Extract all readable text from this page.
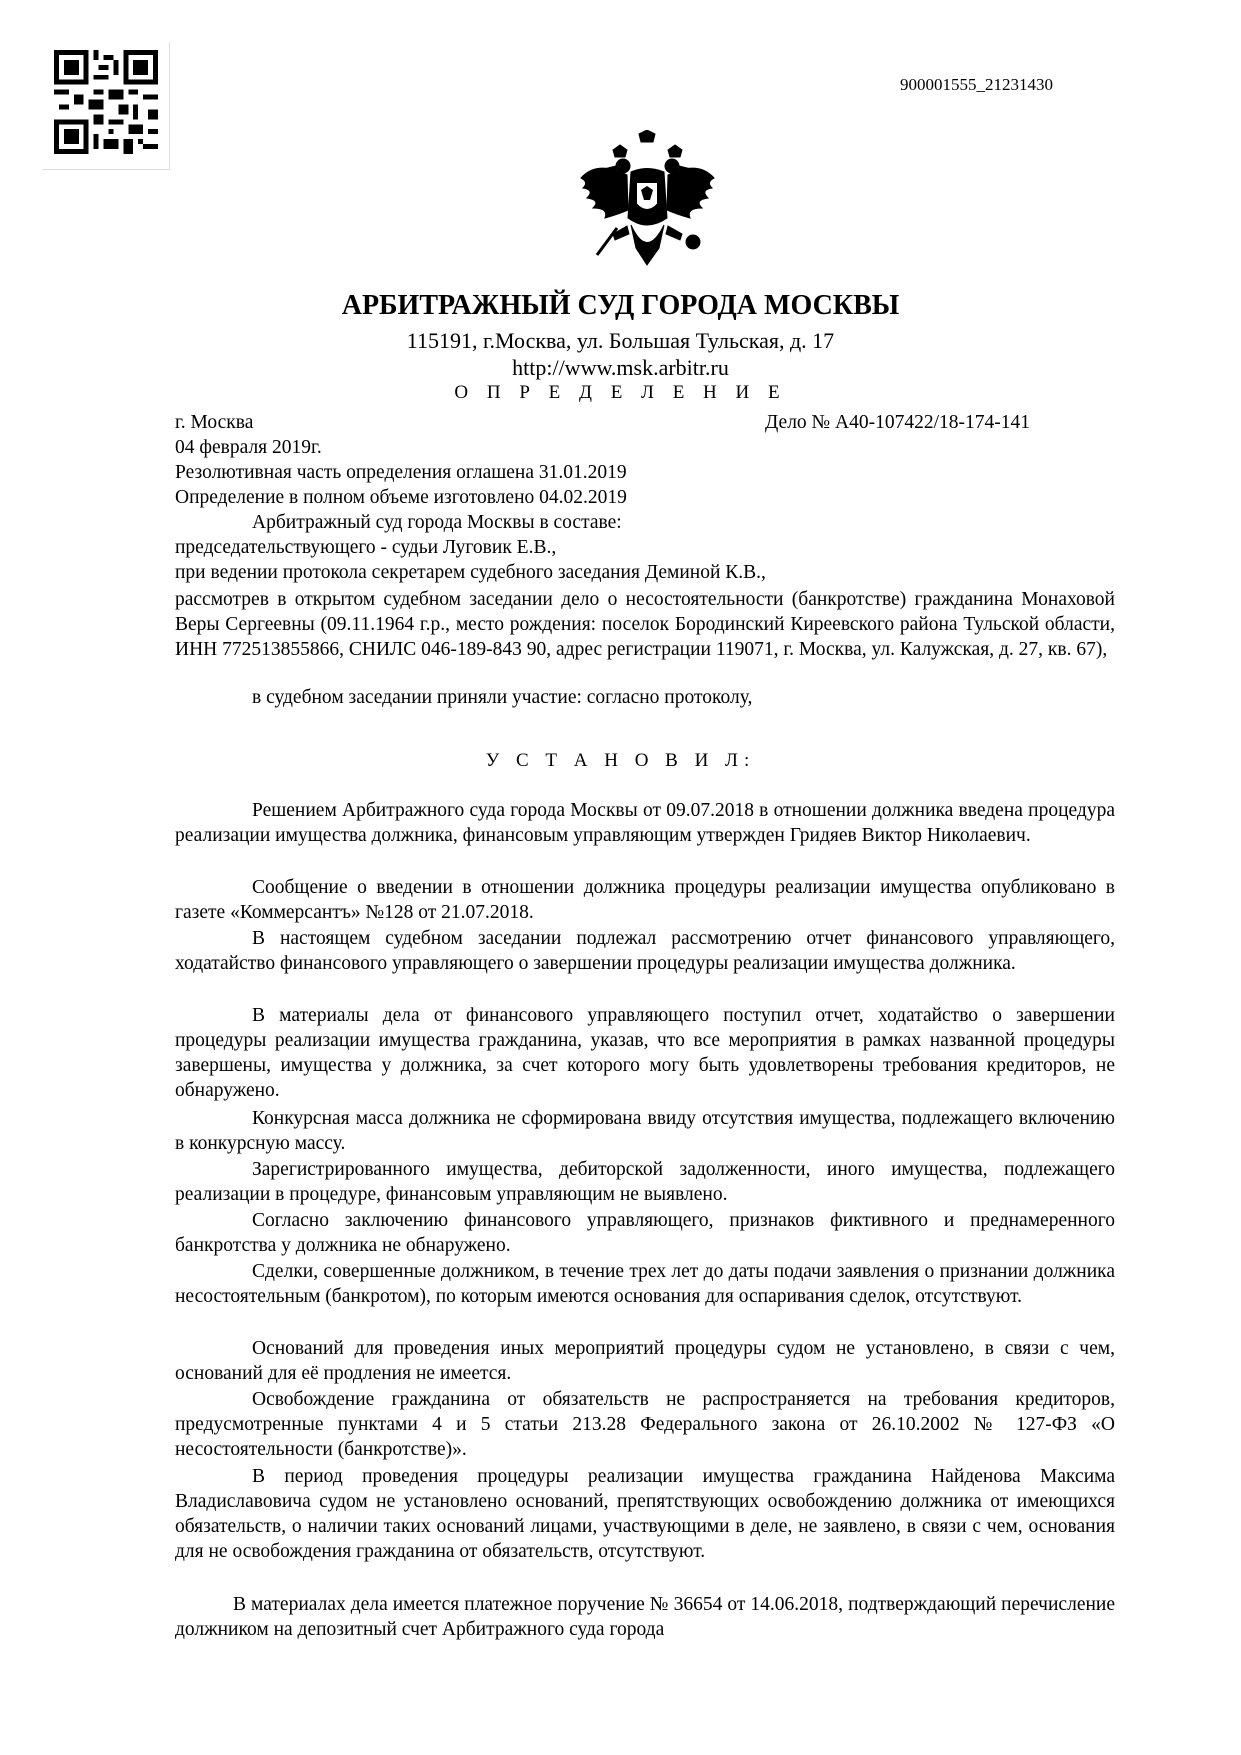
900001555_21231430
АРБИТРАЖНЫЙ СУД ГОРОДА МОСКВЫ
115191, г.Москва, ул. Большая Тульская, д. 17
http://www.msk.arbitr.ru
О П Р Е Д Е Л Е Н И Е
г. Москва	Дело № А40-107422/18-174-141
04 февраля 2019г.
Резолютивная часть определения оглашена 31.01.2019
Определение в полном объеме изготовлено 04.02.2019
Арбитражный суд города Москвы в составе:
председательствующего - судьи Луговик Е.В.,
при ведении протокола секретарем судебного заседания Деминой К.В.,
рассмотрев в открытом судебном заседании дело о несостоятельности (банкротстве) гражданина Монаховой Веры Сергеевны (09.11.1964 г.р., место рождения: поселок Бородинский Киреевского района Тульской области, ИНН 772513855866, СНИЛС 046-189-843 90, адрес регистрации 119071, г. Москва, ул. Калужская, д. 27, кв. 67),
в судебном заседании приняли участие: согласно протоколу,
У С Т А Н О В И Л:
Решением Арбитражного суда города Москвы от 09.07.2018 в отношении должника введена процедура реализации имущества должника, финансовым управляющим утвержден Гридяев Виктор Николаевич.
Сообщение о введении в отношении должника процедуры реализации имущества опубликовано в газете «Коммерсантъ» №128 от 21.07.2018.
В настоящем судебном заседании подлежал рассмотрению отчет финансового управляющего, ходатайство финансового управляющего о завершении процедуры реализации имущества должника.
В материалы дела от финансового управляющего поступил отчет, ходатайство о завершении процедуры реализации имущества гражданина, указав, что все мероприятия в рамках названной процедуры завершены, имущества у должника, за счет которого могу быть удовлетворены требования кредиторов, не обнаружено.
Конкурсная масса должника не сформирована ввиду отсутствия имущества, подлежащего включению в конкурсную массу.
Зарегистрированного имущества, дебиторской задолженности, иного имущества, подлежащего реализации в процедуре, финансовым управляющим не выявлено.
Согласно заключению финансового управляющего, признаков фиктивного и преднамеренного банкротства у должника не обнаружено.
Сделки, совершенные должником, в течение трех лет до даты подачи заявления о признании должника несостоятельным (банкротом), по которым имеются основания для оспаривания сделок, отсутствуют.
Оснований для проведения иных мероприятий процедуры судом не установлено, в связи с чем, оснований для её продления не имеется.
Освобождение гражданина от обязательств не распространяется на требования кредиторов, предусмотренные пунктами 4 и 5 статьи 213.28 Федерального закона от 26.10.2002 № 127-ФЗ «О несостоятельности (банкротстве)».
В период проведения процедуры реализации имущества гражданина Найденова Максима Владиславовича судом не установлено оснований, препятствующих освобождению должника от имеющихся обязательств, о наличии таких оснований лицами, участвующими в деле, не заявлено, в связи с чем, основания для не освобождения гражданина от обязательств, отсутствуют.
В материалах дела имеется платежное поручение № 36654 от 14.06.2018, подтверждающий перечисление должником на депозитный счет Арбитражного суда города
